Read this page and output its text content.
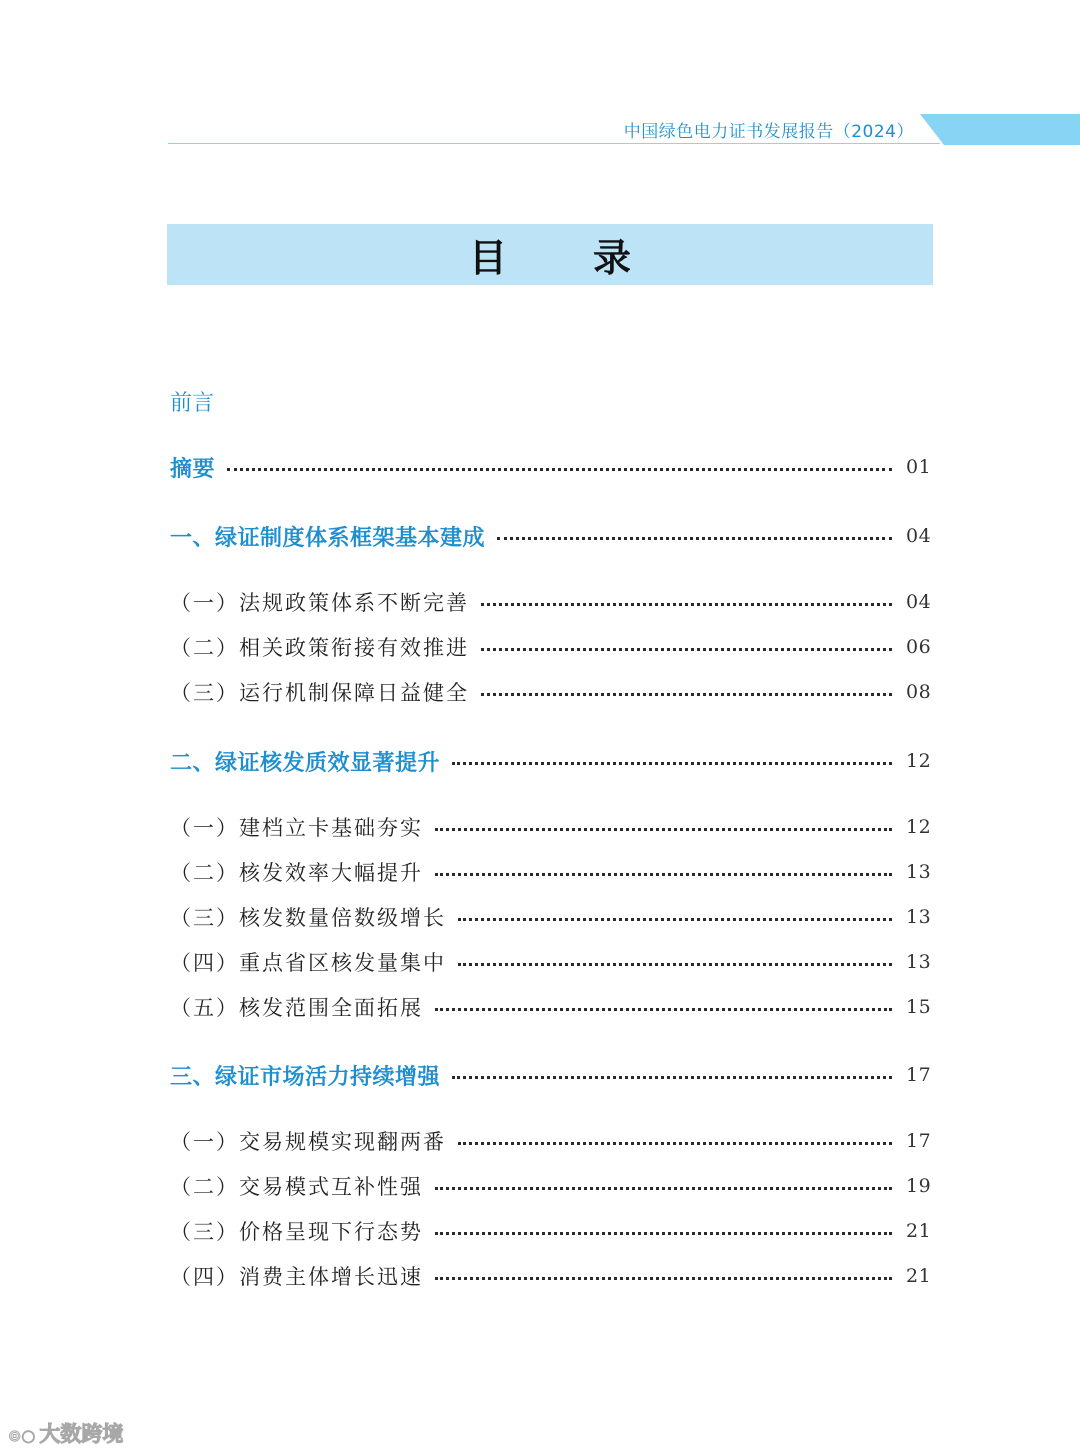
中国绿色电力证书发展报告（2024）
目录
前言
摘要	01
一、绿证制度体系框架基本建成	04
（一）法规政策体系不断完善	04
（二）相关政策衔接有效推进	06
（三）运行机制保障日益健全	08
二、绿证核发质效显著提升	12
（一）建档立卡基础夯实	12
（二）核发效率大幅提升	13
（三）核发数量倍数级增长	13
（四）重点省区核发量集中	13
（五）核发范围全面拓展	15
三、绿证市场活力持续增强	17
（一）交易规模实现翻两番	17
（二）交易模式互补性强	19
（三）价格呈现下行态势	21
（四）消费主体增长迅速	21
⊙○ 大数跨境
